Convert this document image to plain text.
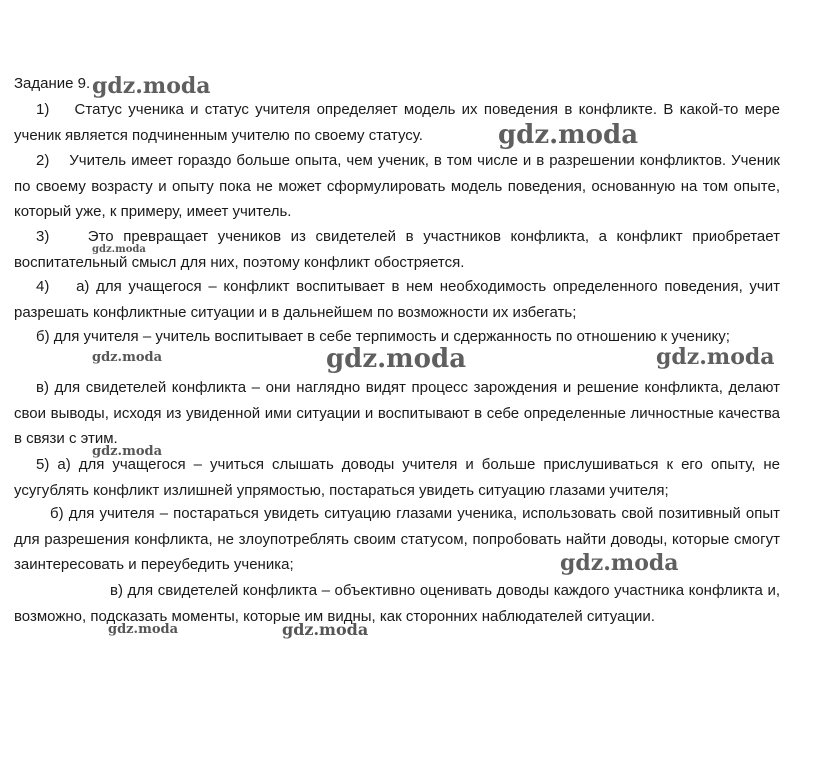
Задание 9.
1)    Статус ученика и статус учителя определяет модель их поведения в конфликте. В какой-то мере ученик является подчиненным учителю по своему статусу.
2)    Учитель имеет гораздо больше опыта, чем ученик, в том числе и в разрешении конфликтов. Ученик по своему возрасту и опыту пока не может сформулировать модель поведения, основанную на том опыте, который уже, к примеру, имеет учитель.
3)    Это превращает учеников из свидетелей в участников конфликта, а конфликт приобретает воспитательный смысл для них, поэтому конфликт обостряется.
4)    а) для учащегося – конфликт воспитывает в нем необходимость определенного поведения, учит разрешать конфликтные ситуации и в дальнейшем по возможности их избегать;
б) для учителя – учитель воспитывает в себе терпимость и сдержанность по отношению к ученику;
в) для свидетелей конфликта – они наглядно видят процесс зарождения и решение конфликта, делают свои выводы, исходя из увиденной ими ситуации и воспитывают в себе определенные личностные качества в связи с этим.
5) а) для учащегося – учиться слышать доводы учителя и больше прислушиваться к его опыту, не усугублять конфликт излишней упрямостью, постараться увидеть ситуацию глазами учителя;
б) для учителя – постараться увидеть ситуацию глазами ученика, использовать свой позитивный опыт для разрешения конфликта, не злоупотреблять своим статусом, попробовать найти доводы, которые смогут заинтересовать и переубедить ученика;
в) для свидетелей конфликта – объективно оценивать доводы каждого участника конфликта и, возможно, подсказать моменты, которые им видны, как сторонних наблюдателей ситуации.
gdz.moda
gdz.moda
gdz.moda
gdz.moda	gdz.moda	gdz.moda
gdz.moda
gdz.moda
gdz.moda	gdz.moda
